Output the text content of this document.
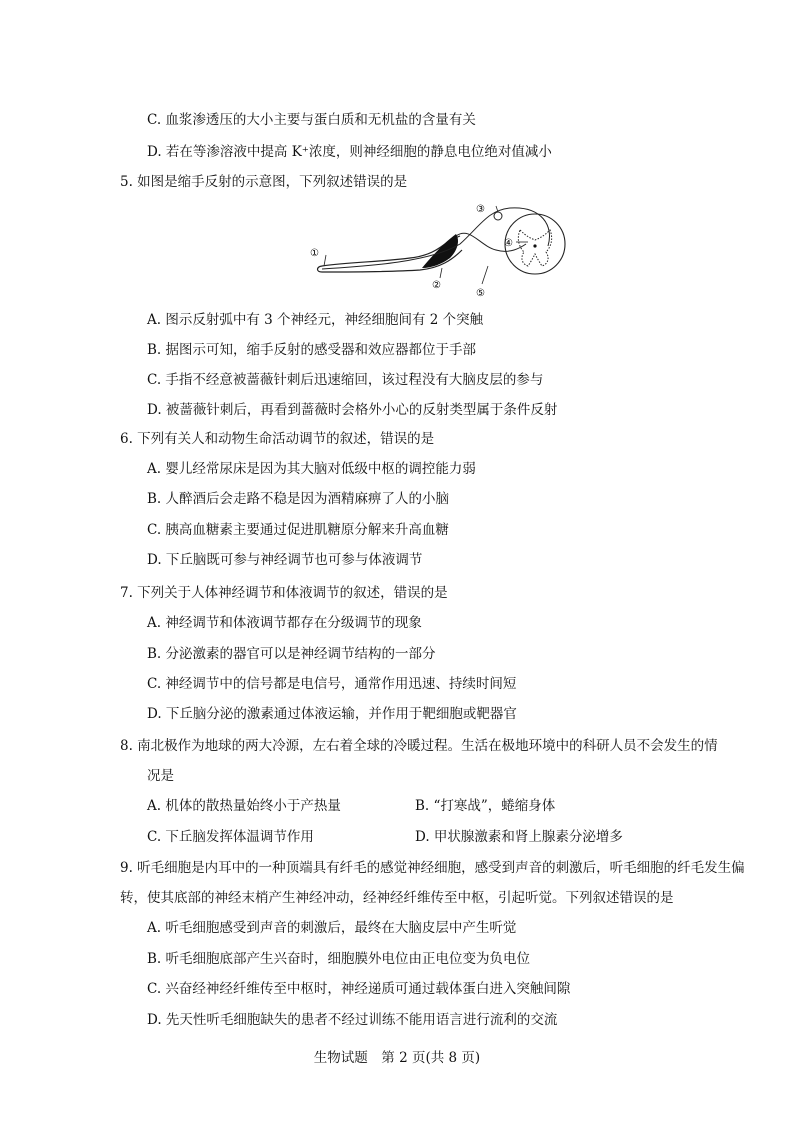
C. 血浆渗透压的大小主要与蛋白质和无机盐的含量有关
D. 若在等渗溶液中提高 K⁺浓度，则神经细胞的静息电位绝对值减小
5. 如图是缩手反射的示意图，下列叙述错误的是
①
②
③
④
⑤
A. 图示反射弧中有 3 个神经元，神经细胞间有 2 个突触
B. 据图示可知，缩手反射的感受器和效应器都位于手部
C. 手指不经意被蔷薇针刺后迅速缩回，该过程没有大脑皮层的参与
D. 被蔷薇针刺后，再看到蔷薇时会格外小心的反射类型属于条件反射
6. 下列有关人和动物生命活动调节的叙述，错误的是
A. 婴儿经常尿床是因为其大脑对低级中枢的调控能力弱
B. 人醉酒后会走路不稳是因为酒精麻痹了人的小脑
C. 胰高血糖素主要通过促进肌糖原分解来升高血糖
D. 下丘脑既可参与神经调节也可参与体液调节
7. 下列关于人体神经调节和体液调节的叙述，错误的是
A. 神经调节和体液调节都存在分级调节的现象
B. 分泌激素的器官可以是神经调节结构的一部分
C. 神经调节中的信号都是电信号，通常作用迅速、持续时间短
D. 下丘脑分泌的激素通过体液运输，并作用于靶细胞或靶器官
8. 南北极作为地球的两大冷源，左右着全球的冷暖过程。生活在极地环境中的科研人员不会发生的情
况是
A. 机体的散热量始终小于产热量	B. “打寒战”，蜷缩身体
C. 下丘脑发挥体温调节作用	D. 甲状腺激素和肾上腺素分泌增多
9. 听毛细胞是内耳中的一种顶端具有纤毛的感觉神经细胞，感受到声音的刺激后，听毛细胞的纤毛发生偏
转，使其底部的神经末梢产生神经冲动，经神经纤维传至中枢，引起听觉。下列叙述错误的是
A. 听毛细胞感受到声音的刺激后，最终在大脑皮层中产生听觉
B. 听毛细胞底部产生兴奋时，细胞膜外电位由正电位变为负电位
C. 兴奋经神经纤维传至中枢时，神经递质可通过载体蛋白进入突触间隙
D. 先天性听毛细胞缺失的患者不经过训练不能用语言进行流利的交流
生物试题　第 2 页(共 8 页)
